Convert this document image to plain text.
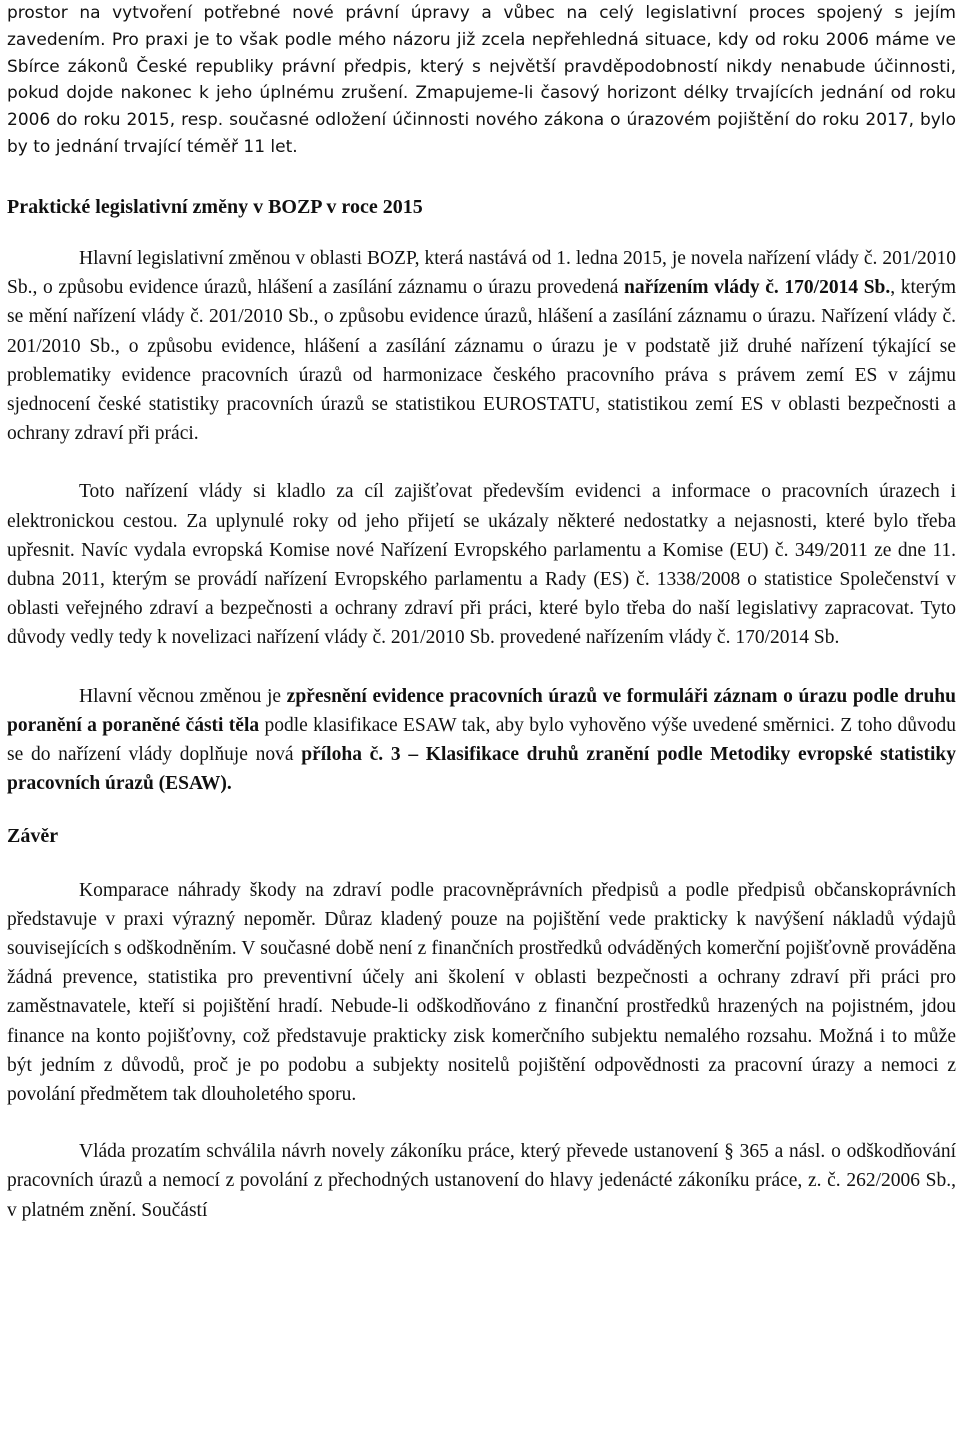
prostor na vytvoření potřebné nové právní úpravy a vůbec na celý legislativní proces spojený s jejím zavedením. Pro praxi je to však podle mého názoru již zcela nepřehledná situace, kdy od roku 2006 máme ve Sbírce zákonů České republiky právní předpis, který s největší pravděpodobností nikdy nenabude účinnosti, pokud dojde nakonec k jeho úplnému zrušení. Zmapujeme-li časový horizont délky trvajících jednání od roku 2006 do roku 2015, resp. současné odložení účinnosti nového zákona o úrazovém pojištění do roku 2017, bylo by to jednání trvající téměř 11 let.

Praktické legislativní změny v BOZP v roce 2015

Hlavní legislativní změnou v oblasti BOZP, která nastává od 1. ledna 2015, je novela nařízení vlády č. 201/2010 Sb., o způsobu evidence úrazů, hlášení a zasílání záznamu o úrazu provedená nařízením vlády č. 170/2014 Sb., kterým se mění nařízení vlády č. 201/2010 Sb., o způsobu evidence úrazů, hlášení a zasílání záznamu o úrazu. Nařízení vlády č. 201/2010 Sb., o způsobu evidence, hlášení a zasílání záznamu o úrazu je v podstatě již druhé nařízení týkající se problematiky evidence pracovních úrazů od harmonizace českého pracovního práva s právem zemí ES v zájmu sjednocení české statistiky pracovních úrazů se statistikou EUROSTATU, statistikou zemí ES v oblasti bezpečnosti a ochrany zdraví při práci.

Toto nařízení vlády si kladlo za cíl zajišťovat především evidenci a informace o pracovních úrazech i elektronickou cestou. Za uplynulé roky od jeho přijetí se ukázaly některé nedostatky a nejasnosti, které bylo třeba upřesnit. Navíc vydala evropská Komise nové Nařízení Evropského parlamentu a Komise (EU) č. 349/2011 ze dne 11. dubna 2011, kterým se provádí nařízení Evropského parlamentu a Rady (ES) č. 1338/2008 o statistice Společenství v oblasti veřejného zdraví a bezpečnosti a ochrany zdraví při práci, které bylo třeba do naší legislativy zapracovat. Tyto důvody vedly tedy k novelizaci nařízení vlády č. 201/2010 Sb. provedené nařízením vlády č. 170/2014 Sb.

Hlavní věcnou změnou je zpřesnění evidence pracovních úrazů ve formuláři záznam o úrazu podle druhu poranění a poraněné části těla podle klasifikace ESAW tak, aby bylo vyhověno výše uvedené směrnici. Z toho důvodu se do nařízení vlády doplňuje nová příloha č. 3 – Klasifikace druhů zranění podle Metodiky evropské statistiky pracovních úrazů (ESAW).

Závěr

Komparace náhrady škody na zdraví podle pracovněprávních předpisů a podle předpisů občanskoprávních představuje v praxi výrazný nepoměr. Důraz kladený pouze na pojištění vede prakticky k navýšení nákladů výdajů souvisejících s odškodněním. V současné době není z finančních prostředků odváděných komerční pojišťovně prováděna žádná prevence, statistika pro preventivní účely ani školení v oblasti bezpečnosti a ochrany zdraví při práci pro zaměstnavatele, kteří si pojištění hradí. Nebude-li odškodňováno z finanční prostředků hrazených na pojistném, jdou finance na konto pojišťovny, což představuje prakticky zisk komerčního subjektu nemalého rozsahu. Možná i to může být jedním z důvodů, proč je po podobu a subjekty nositelů pojištění odpovědnosti za pracovní úrazy a nemoci z povolání předmětem tak dlouholetého sporu.

Vláda prozatím schválila návrh novely zákoníku práce, který převede ustanovení § 365 a násl. o odškodňování pracovních úrazů a nemocí z povolání z přechodných ustanovení do hlavy jedenácté zákoníku práce, z. č. 262/2006 Sb., v platném znění. Součástí
